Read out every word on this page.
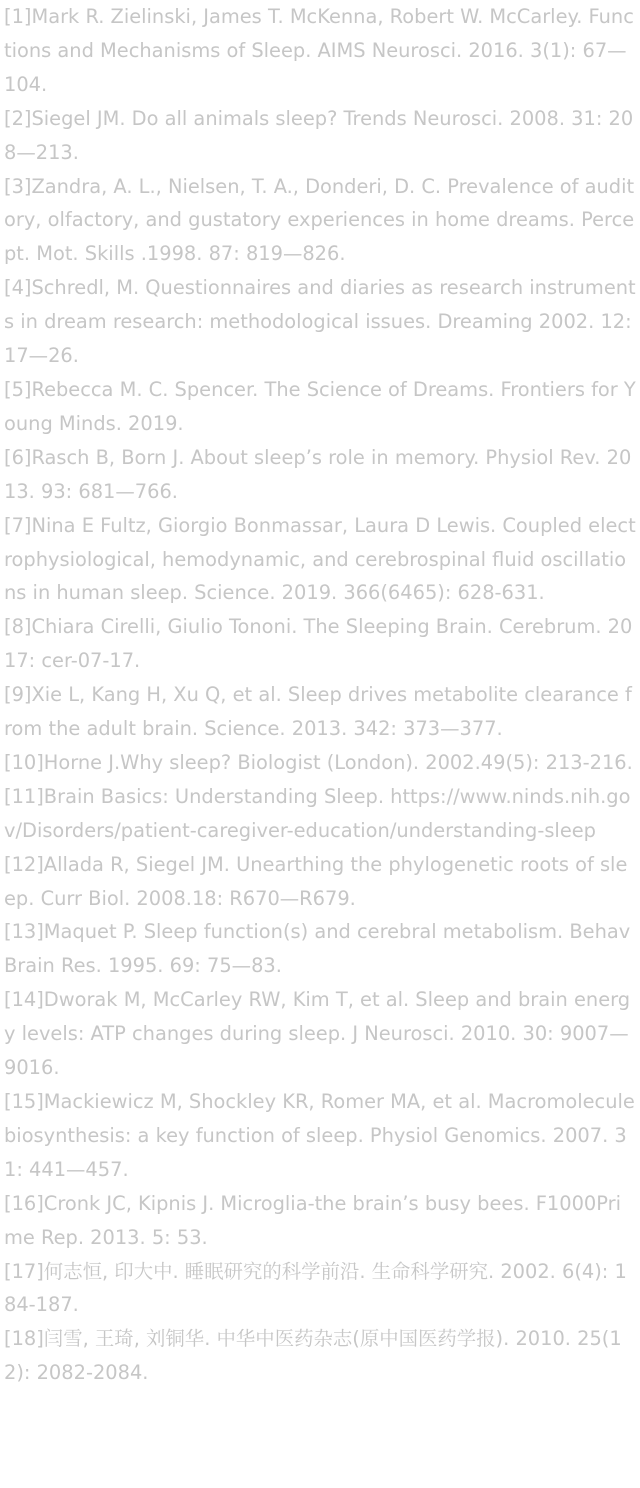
[1]Mark R. Zielinski, James T. McKenna, Robert W. McCarley. Functions and Mechanisms of Sleep. AIMS Neurosci. 2016. 3(1): 67—104.
[2]Siegel JM. Do all animals sleep? Trends Neurosci. 2008. 31: 208—213.
[3]Zandra, A. L., Nielsen, T. A., Donderi, D. C. Prevalence of auditory, olfactory, and gustatory experiences in home dreams. Percept. Mot. Skills .1998. 87: 819—826.
[4]Schredl, M. Questionnaires and diaries as research instruments in dream research: methodological issues. Dreaming 2002. 12: 17—26.
[5]Rebecca M. C. Spencer. The Science of Dreams. Frontiers for Young Minds. 2019.
[6]Rasch B, Born J. About sleep’s role in memory. Physiol Rev. 2013. 93: 681—766.
[7]Nina E Fultz, Giorgio Bonmassar, Laura D Lewis. Coupled electrophysiological, hemodynamic, and cerebrospinal fluid oscillations in human sleep. Science. 2019. 366(6465): 628-631.
[8]Chiara Cirelli, Giulio Tononi. The Sleeping Brain. Cerebrum. 2017: cer-07-17.
[9]Xie L, Kang H, Xu Q, et al. Sleep drives metabolite clearance from the adult brain. Science. 2013. 342: 373—377.
[10]Horne J.Why sleep? Biologist (London). 2002.49(5): 213-216.
[11]Brain Basics: Understanding Sleep. https://www.ninds.nih.gov/Disorders/patient-caregiver-education/understanding-sleep
[12]Allada R, Siegel JM. Unearthing the phylogenetic roots of sleep. Curr Biol. 2008.18: R670—R679.
[13]Maquet P. Sleep function(s) and cerebral metabolism. Behav Brain Res. 1995. 69: 75—83.
[14]Dworak M, McCarley RW, Kim T, et al. Sleep and brain energy levels: ATP changes during sleep. J Neurosci. 2010. 30: 9007—9016.
[15]Mackiewicz M, Shockley KR, Romer MA, et al. Macromolecule biosynthesis: a key function of sleep. Physiol Genomics. 2007. 31: 441—457.
[16]Cronk JC, Kipnis J. Microglia-the brain’s busy bees. F1000Prime Rep. 2013. 5: 53.
[17]何志恒, 印大中. 睡眠研究的科学前沿. 生命科学研究. 2002. 6(4): 184-187.
[18]闫雪, 王琦, 刘铜华. 中华中医药杂志(原中国医药学报). 2010. 25(12): 2082-2084.
